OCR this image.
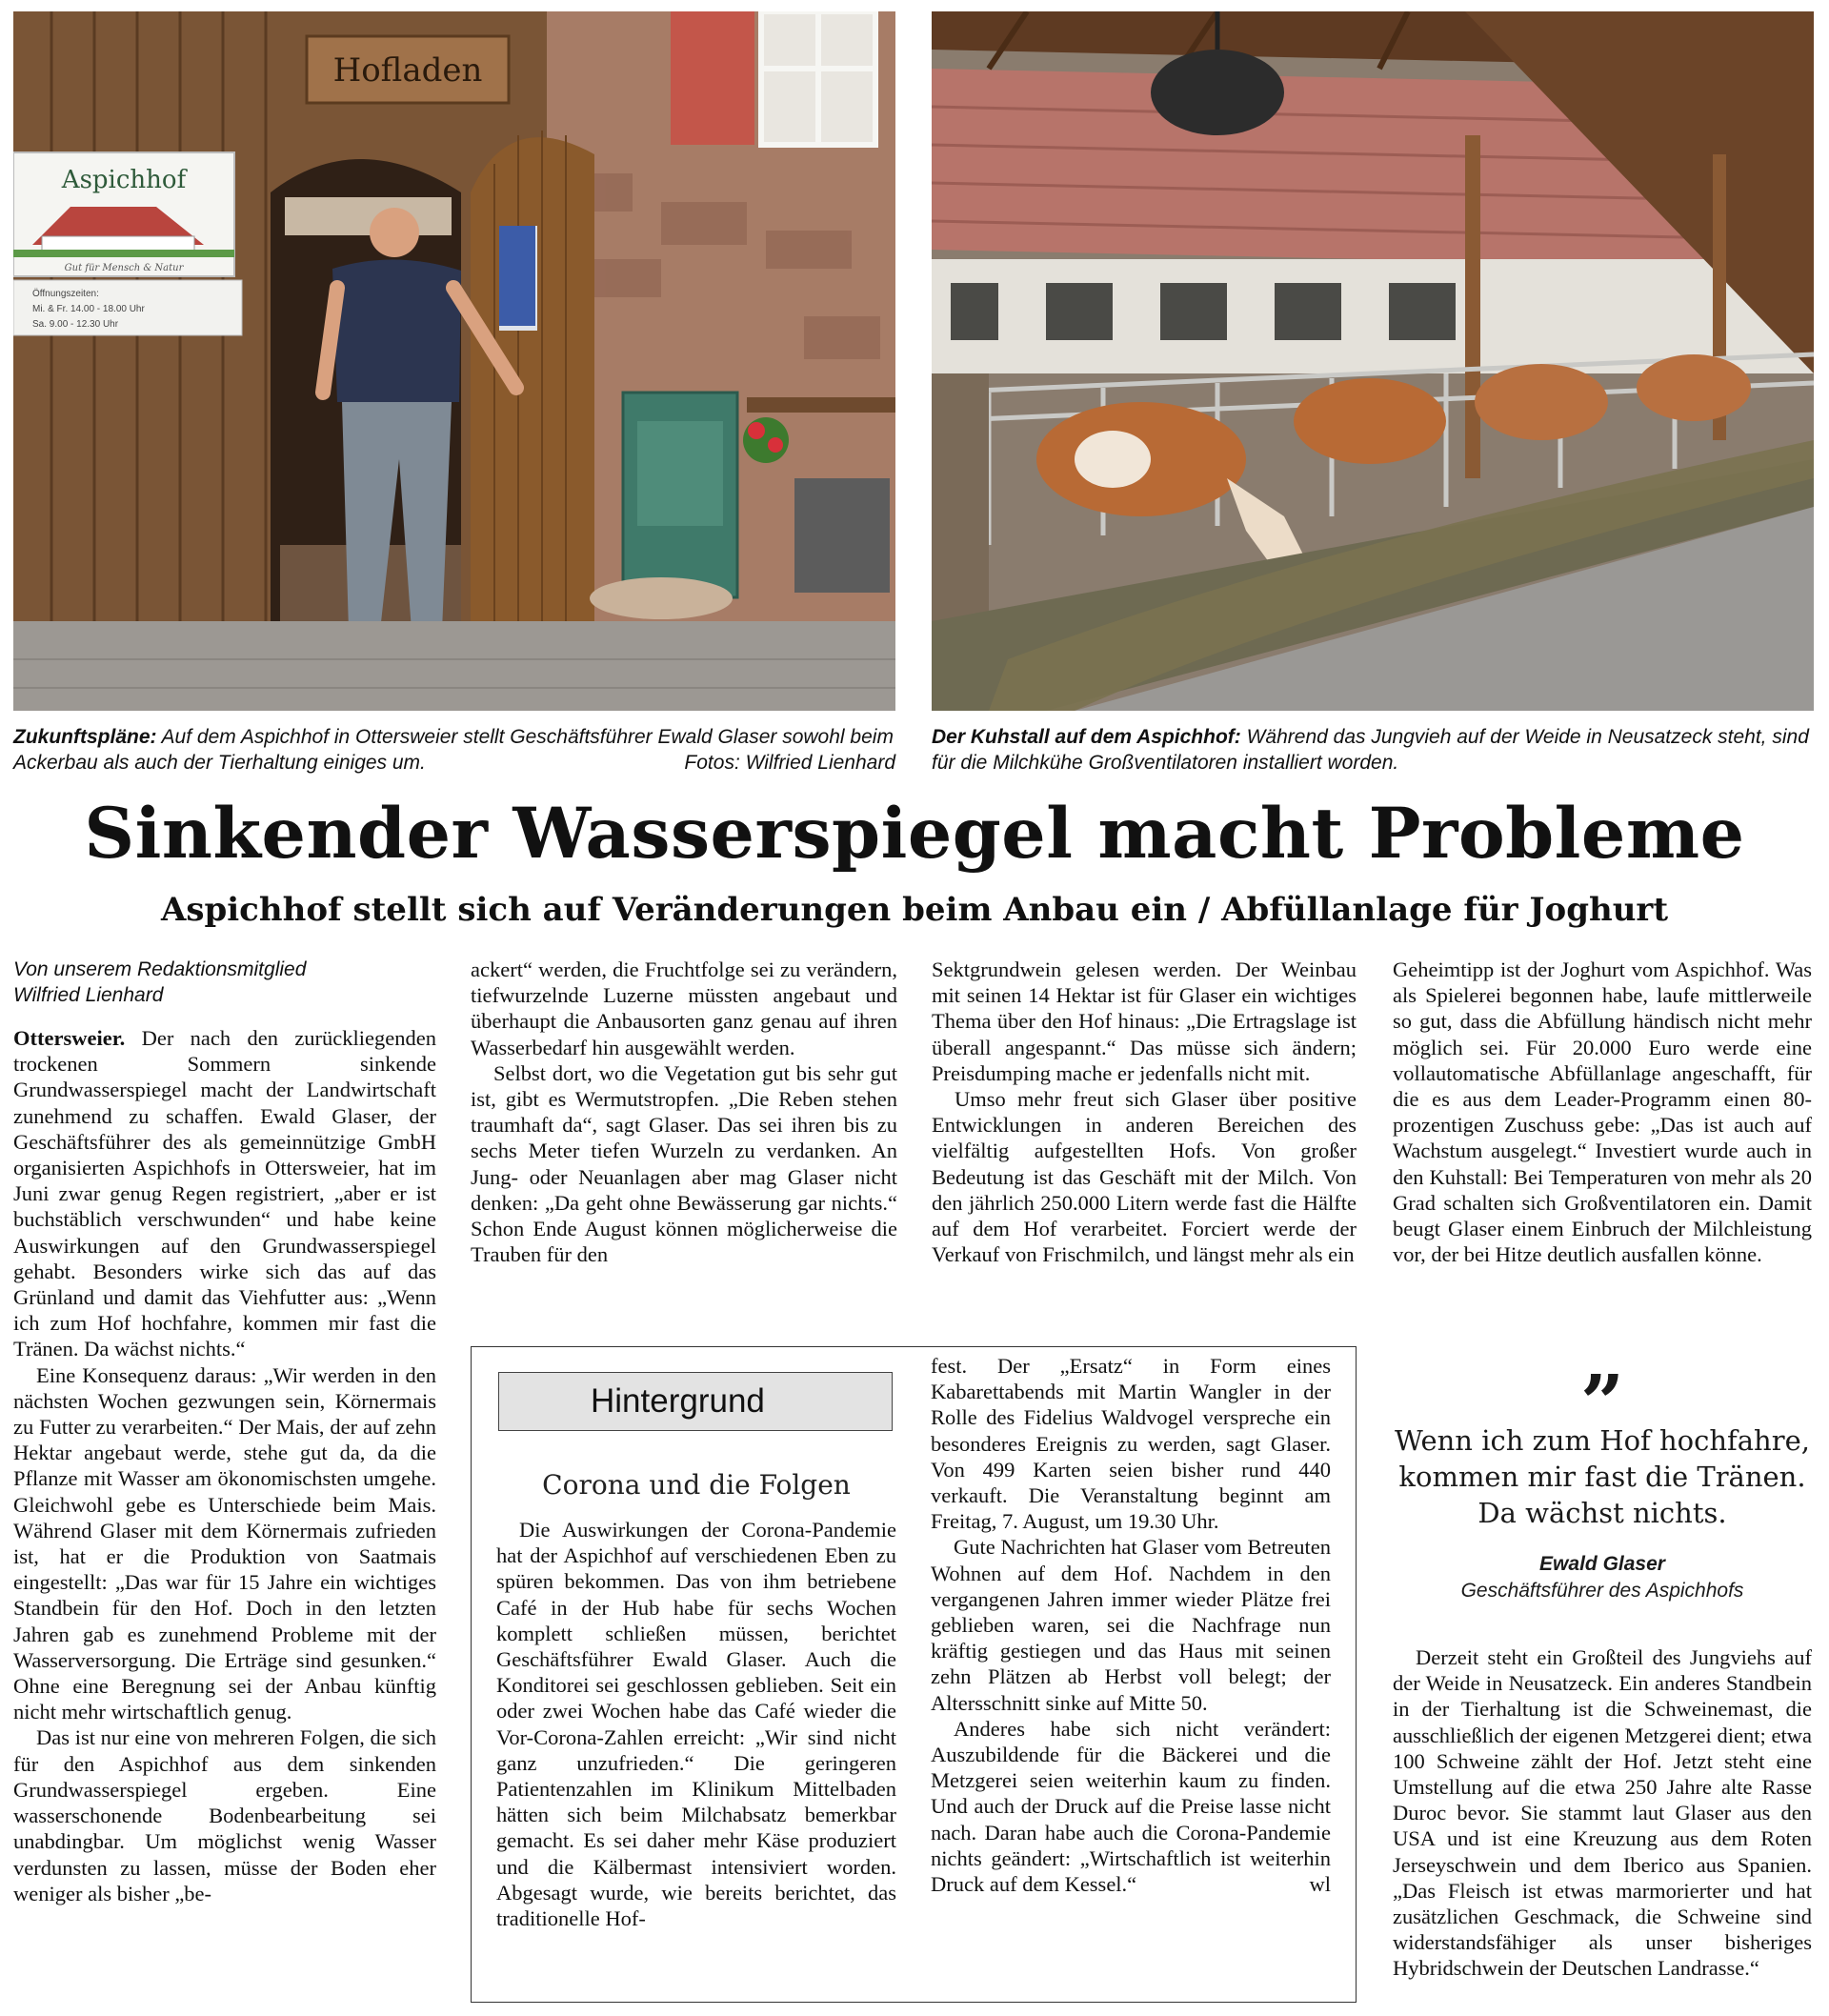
Hofladen
Aspichhof
Gut für Mensch & Natur
Öffnungszeiten:
Mi. & Fr. 14.00 - 18.00 Uhr
Sa. 9.00 - 12.30 Uhr
Zukunftspläne: Auf dem Aspichhof in Ottersweier stellt Geschäftsführer Ewald Glaser sowohl beim Ackerbau als auch der Tierhaltung einiges um.	Fotos: Wilfried Lienhard
Der Kuhstall auf dem Aspichhof: Während das Jungvieh auf der Weide in Neusatzeck steht, sind für die Milchkühe Großventilatoren installiert worden.
Sinkender Wasserspiegel macht Probleme
Aspichhof stellt sich auf Veränderungen beim Anbau ein / Abfüllanlage für Joghurt
Von unserem Redaktionsmitglied
Wilfried Lienhard

Ottersweier. Der nach den zurückliegenden trockenen Sommern sinkende Grundwasserspiegel macht der Landwirtschaft zunehmend zu schaffen. Ewald Glaser, der Geschäftsführer des als gemeinnützige GmbH organisierten Aspichhofs in Ottersweier, hat im Juni zwar genug Regen registriert, „aber er ist buchstäblich verschwunden“ und habe keine Auswirkungen auf den Grundwasserspiegel gehabt. Besonders wirke sich das auf das Grünland und damit das Viehfutter aus: „Wenn ich zum Hof hochfahre, kommen mir fast die Tränen. Da wächst nichts.“

Eine Konsequenz daraus: „Wir werden in den nächsten Wochen gezwungen sein, Körnermais zu Futter zu verarbeiten.“ Der Mais, der auf zehn Hektar angebaut werde, stehe gut da, da die Pflanze mit Wasser am ökonomischsten umgehe. Gleichwohl gebe es Unterschiede beim Mais. Während Glaser mit dem Körnermais zufrieden ist, hat er die Produktion von Saatmais eingestellt: „Das war für 15 Jahre ein wichtiges Standbein für den Hof. Doch in den letzten Jahren gab es zunehmend Probleme mit der Wasserversorgung. Die Erträge sind gesunken.“ Ohne eine Beregnung sei der Anbau künftig nicht mehr wirtschaftlich genug.

Das ist nur eine von mehreren Folgen, die sich für den Aspichhof aus dem sinkenden Grundwasserspiegel ergeben. Eine wasserschonende Bodenbearbeitung sei unabdingbar. Um möglichst wenig Wasser verdunsten zu lassen, müsse der Boden eher weniger als bisher „be-

ackert“ werden, die Fruchtfolge sei zu verändern, tiefwurzelnde Luzerne müssten angebaut und überhaupt die Anbausorten ganz genau auf ihren Wasserbedarf hin ausgewählt werden.

Selbst dort, wo die Vegetation gut bis sehr gut ist, gibt es Wermutstropfen. „Die Reben stehen traumhaft da“, sagt Glaser. Das sei ihren bis zu sechs Meter tiefen Wurzeln zu verdanken. An Jung- oder Neuanlagen aber mag Glaser nicht denken: „Da geht ohne Bewässerung gar nichts.“ Schon Ende August können möglicherweise die Trauben für den

Sektgrundwein gelesen werden. Der Weinbau mit seinen 14 Hektar ist für Glaser ein wichtiges Thema über den Hof hinaus: „Die Ertragslage ist überall angespannt.“ Das müsse sich ändern; Preisdumping mache er jedenfalls nicht mit.

Umso mehr freut sich Glaser über positive Entwicklungen in anderen Bereichen des vielfältig aufgestellten Hofs. Von großer Bedeutung ist das Geschäft mit der Milch. Von den jährlich 250.000 Litern werde fast die Hälfte auf dem Hof verarbeitet. Forciert werde der Verkauf von Frischmilch, und längst mehr als ein

Hintergrund
Corona und die Folgen

Die Auswirkungen der Corona-Pandemie hat der Aspichhof auf verschiedenen Eben zu spüren bekommen. Das von ihm betriebene Café in der Hub habe für sechs Wochen komplett schließen müssen, berichtet Geschäftsführer Ewald Glaser. Auch die Konditorei sei geschlossen geblieben. Seit ein oder zwei Wochen habe das Café wieder die Vor-Corona-Zahlen erreicht: „Wir sind nicht ganz unzufrieden.“ Die geringeren Patientenzahlen im Klinikum Mittelbaden hätten sich beim Milchabsatz bemerkbar gemacht. Es sei daher mehr Käse produziert und die Kälbermast intensiviert worden. Abgesagt wurde, wie bereits berichtet, das traditionelle Hof-

fest. Der „Ersatz“ in Form eines Kabarettabends mit Martin Wangler in der Rolle des Fidelius Waldvogel verspreche ein besonderes Ereignis zu werden, sagt Glaser. Von 499 Karten seien bisher rund 440 verkauft. Die Veranstaltung beginnt am Freitag, 7. August, um 19.30 Uhr.

Gute Nachrichten hat Glaser vom Betreuten Wohnen auf dem Hof. Nachdem in den vergangenen Jahren immer wieder Plätze frei geblieben waren, sei die Nachfrage nun kräftig gestiegen und das Haus mit seinen zehn Plätzen ab Herbst voll belegt; der Altersschnitt sinke auf Mitte 50.

Anderes habe sich nicht verändert: Auszubildende für die Bäckerei und die Metzgerei seien weiterhin kaum zu finden. Und auch der Druck auf die Preise lasse nicht nach. Daran habe auch die Corona-Pandemie nichts geändert: „Wirtschaftlich ist weiterhin Druck auf dem Kessel.“	wl

Geheimtipp ist der Joghurt vom Aspichhof. Was als Spielerei begonnen habe, laufe mittlerweile so gut, dass die Abfüllung händisch nicht mehr möglich sei. Für 20.000 Euro werde eine vollautomatische Abfüllanlage angeschafft, für die es aus dem Leader-Programm einen 80-prozentigen Zuschuss gebe: „Das ist auch auf Wachstum ausgelegt.“ Investiert wurde auch in den Kuhstall: Bei Temperaturen von mehr als 20 Grad schalten sich Großventilatoren ein. Damit beugt Glaser einem Einbruch der Milchleistung vor, der bei Hitze deutlich ausfallen könne.

”
Wenn ich zum Hof hochfahre, kommen mir fast die Tränen. Da wächst nichts.
Ewald Glaser
Geschäftsführer des Aspichhofs

Derzeit steht ein Großteil des Jungviehs auf der Weide in Neusatzeck. Ein anderes Standbein in der Tierhaltung ist die Schweinemast, die ausschließlich der eigenen Metzgerei dient; etwa 100 Schweine zählt der Hof. Jetzt steht eine Umstellung auf die etwa 250 Jahre alte Rasse Duroc bevor. Sie stammt laut Glaser aus den USA und ist eine Kreuzung aus dem Roten Jerseyschwein und dem Iberico aus Spanien. „Das Fleisch ist etwas marmorierter und hat zusätzlichen Geschmack, die Schweine sind widerstandsfähiger als unser bisheriges Hybridschwein der Deutschen Landrasse.“
